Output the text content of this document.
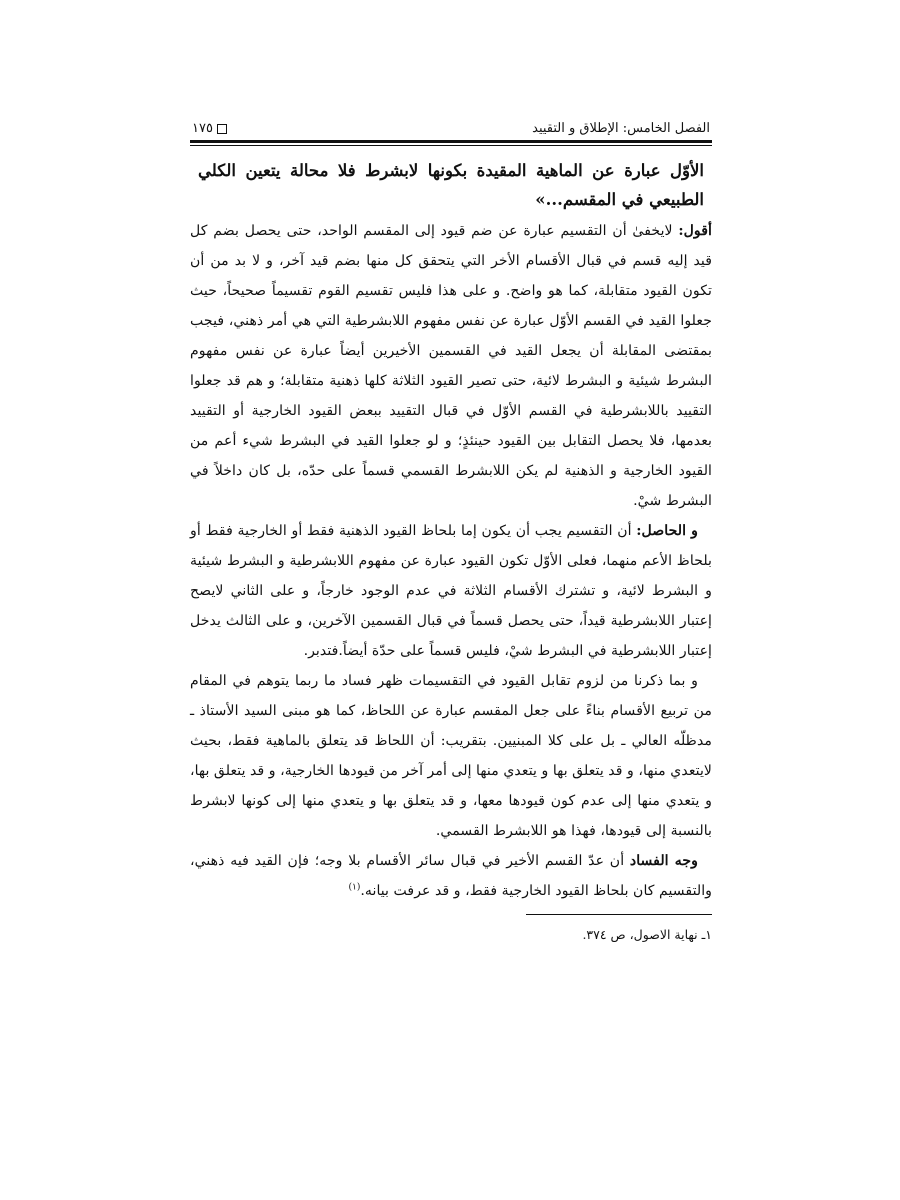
الفصل الخامس: الإطلاق و التقييد
١٧٥

الأوّل عبارة عن الماهية المقيدة بكونها لابشرط فلا محالة يتعين الكلي الطبيعي في المقسم...»

أقول: لايخفىٰ أن التقسيم عبارة عن ضم قيود إلى المقسم الواحد، حتى يحصل بضم كل قيد إليه قسم في قبال الأقسام الأخر التي يتحقق كل منها بضم قيد آخر، و لا بد من أن تكون القيود متقابلة، كما هو واضح. و على هذا فليس تقسيم القوم تقسيماً صحيحاً، حيث جعلوا القيد في القسم الأوّل عبارة عن نفس مفهوم اللابشرطية التي هي أمر ذهني، فيجب بمقتضى المقابلة أن يجعل القيد في القسمين الأخيرين أيضاً عبارة عن نفس مفهوم البشرط شيئية و البشرط لائية، حتى تصير القيود الثلاثة كلها ذهنية متقابلة؛ و هم قد جعلوا التقييد باللابشرطية في القسم الأوّل في قبال التقييد ببعض القيود الخارجية أو التقييد بعدمها، فلا يحصل التقابل بين القيود حينئذٍ؛ و لو جعلوا القيد في البشرط شيء أعم من القيود الخارجية و الذهنية لم يكن اللابشرط القسمي قسماً على حدّه، بل كان داخلاً في البشرط شيْ.

و الحاصل: أن التقسيم يجب أن يكون إما بلحاظ القيود الذهنية فقط أو الخارجية فقط أو بلحاظ الأعم منهما، فعلى الأوّل تكون القيود عبارة عن مفهوم اللابشرطية و البشرط شيئية و البشرط لائية، و تشترك الأقسام الثلاثة في عدم الوجود خارجاً، و على الثاني لايصح إعتبار اللابشرطية قيداً، حتى يحصل قسماً في قبال القسمين الآخرين، و على الثالث يدخل إعتبار اللابشرطية في البشرط شيْ، فليس قسماً على حدّة أيضاً.فتدبر.

و بما ذكرنا من لزوم تقابل القيود في التقسيمات ظهر فساد ما ربما يتوهم في المقام من تربيع الأقسام بناءً على جعل المقسم عبارة عن اللحاظ، كما هو مبنى السيد الأستاذ ـ مدظلّه العالي ـ بل على كلا المبنيين. بتقريب: أن اللحاظ قد يتعلق بالماهية فقط، بحيث لايتعدي منها، و قد يتعلق بها و يتعدي منها إلى أمر آخر من قيودها الخارجية، و قد يتعلق بها، و يتعدي منها إلى عدم كون قيودها معها، و قد يتعلق بها و يتعدي منها إلى كونها لابشرط بالنسبة إلى قيودها، فهذا هو اللابشرط القسمي.

وجه الفساد أن عدّ القسم الأخير في قبال سائر الأقسام بلا وجه؛ فإن القيد فيه ذهني، والتقسيم كان بلحاظ القيود الخارجية فقط، و قد عرفت بيانه.$^{(١)}$

١ـ نهاية الاصول، ص ٣٧٤.
